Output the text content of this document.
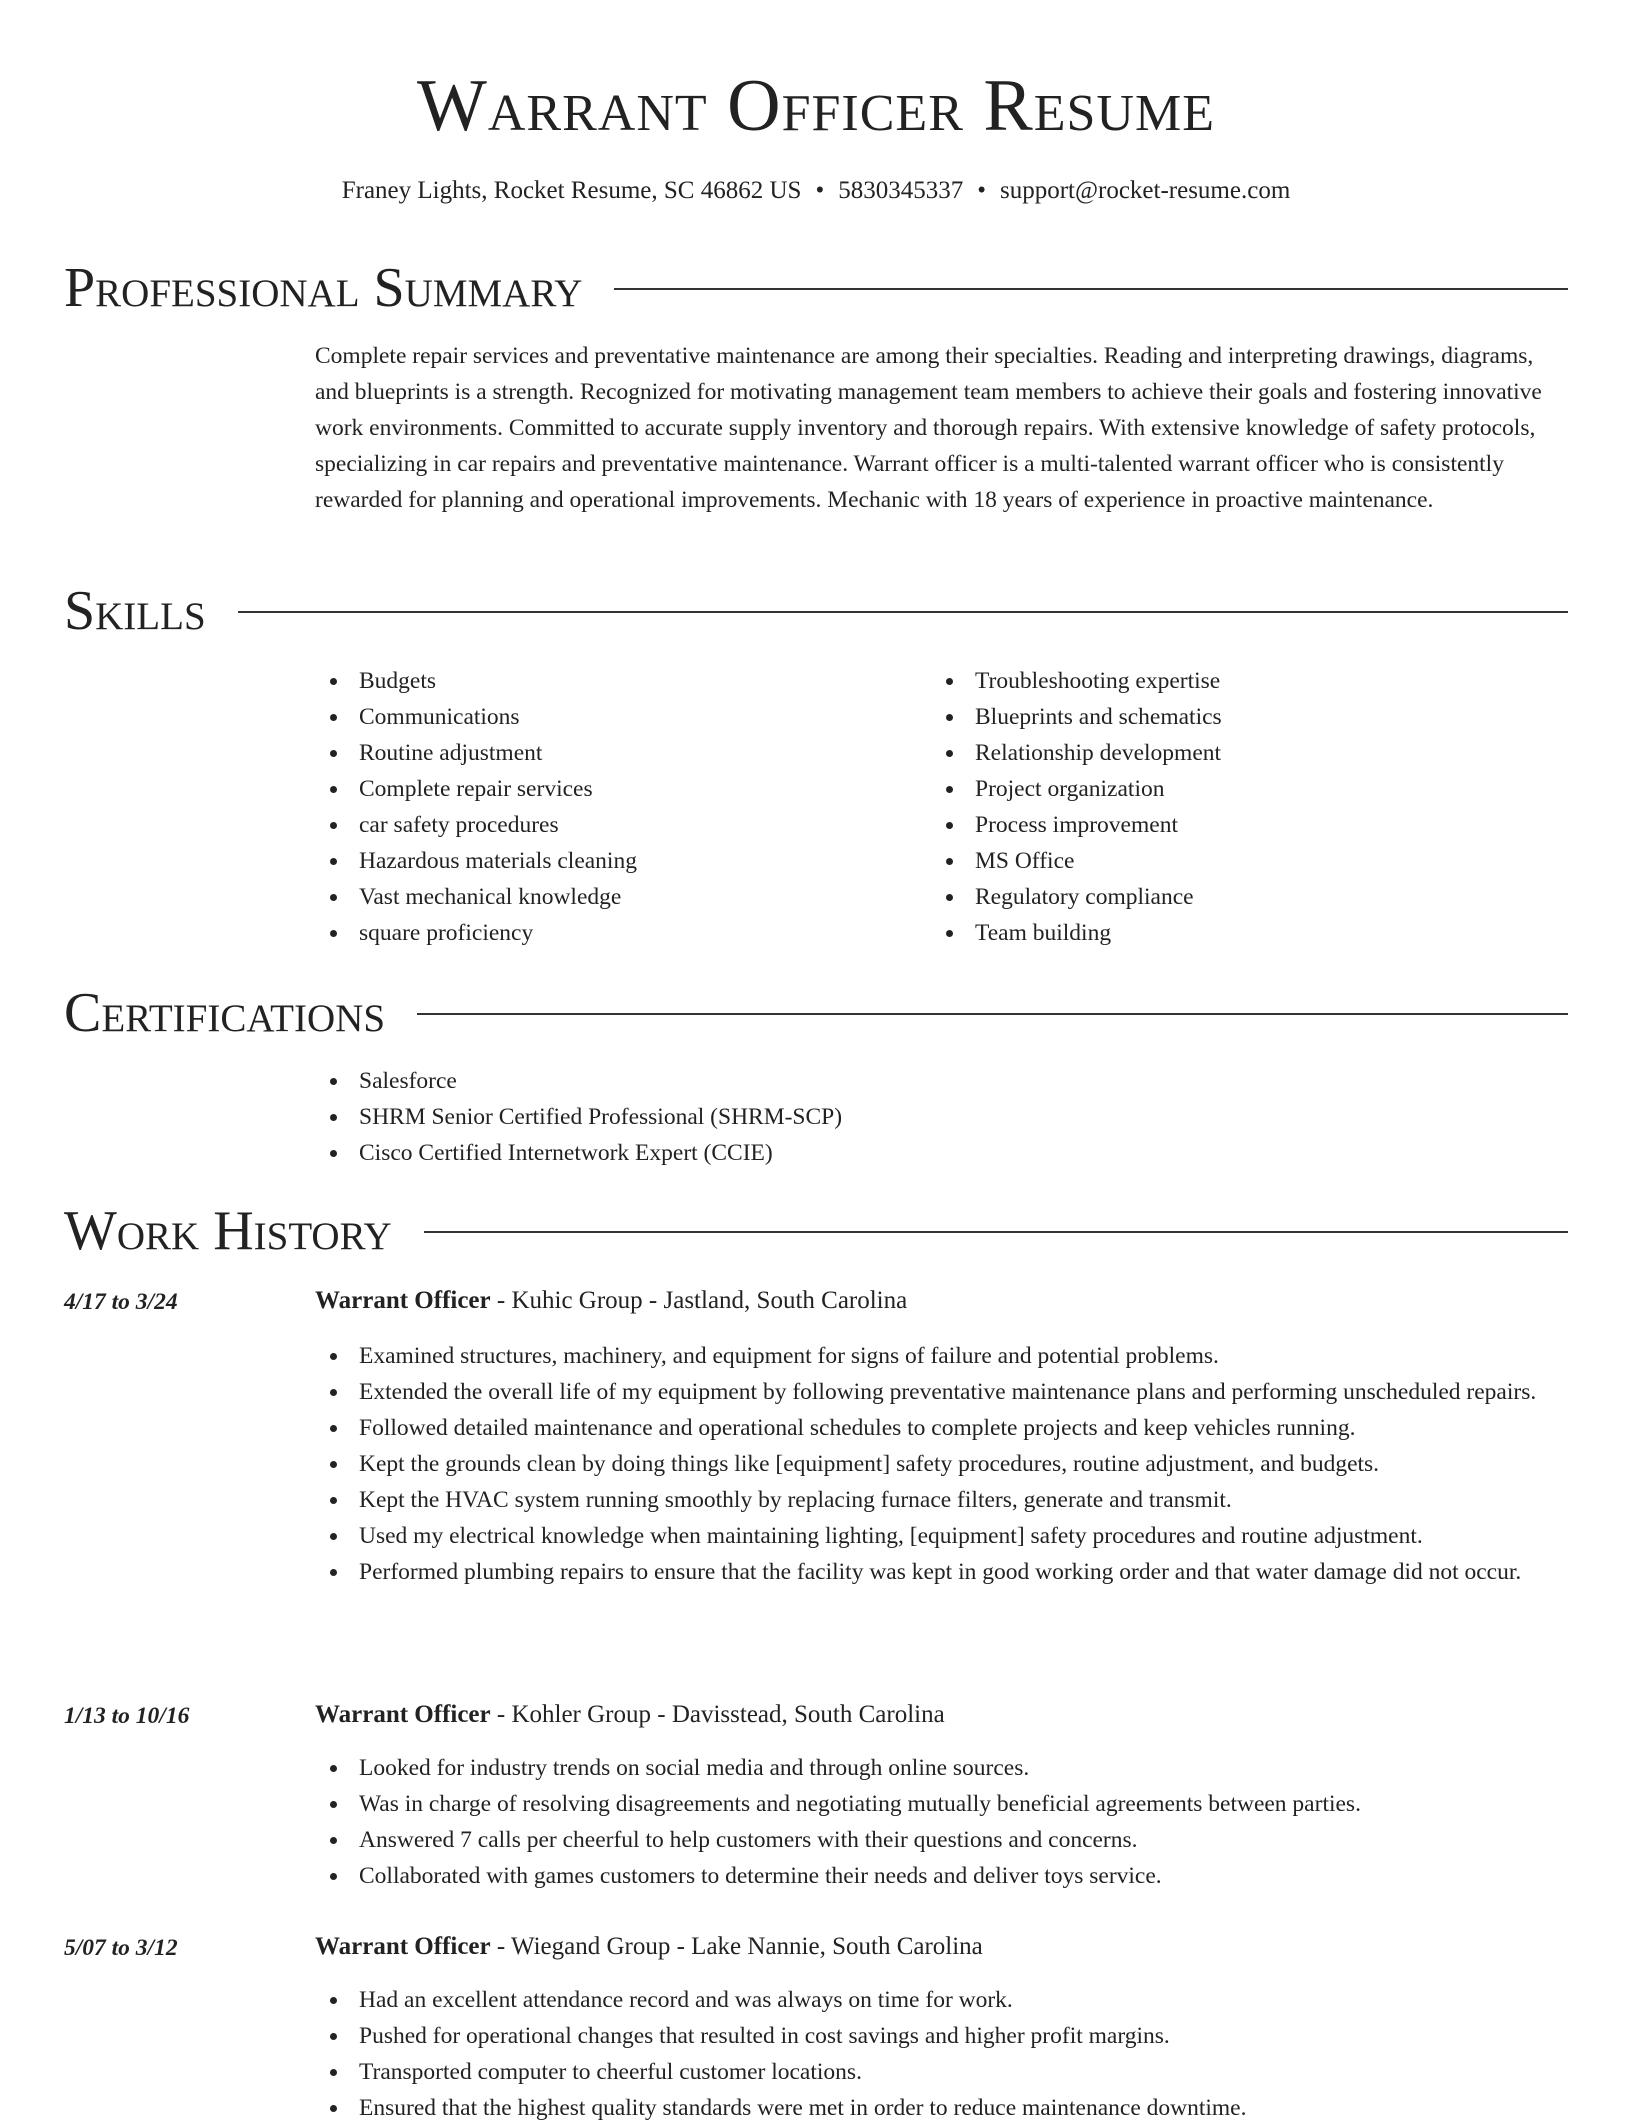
Warrant Officer Resume
Franey Lights, Rocket Resume, SC 46862 US • 5830345337 • support@rocket-resume.com
Professional Summary

Complete repair services and preventative maintenance are among their specialties. Reading and interpreting drawings, diagrams, and blueprints is a strength. Recognized for motivating management team members to achieve their goals and fostering innovative work environments. Committed to accurate supply inventory and thorough repairs. With extensive knowledge of safety protocols, specializing in car repairs and preventative maintenance. Warrant officer is a multi-talented warrant officer who is consistently rewarded for planning and operational improvements. Mechanic with 18 years of experience in proactive maintenance.

Skills
Budgets
Communications
Routine adjustment
Complete repair services
car safety procedures
Hazardous materials cleaning
Vast mechanical knowledge
square proficiency
Troubleshooting expertise
Blueprints and schematics
Relationship development
Project organization
Process improvement
MS Office
Regulatory compliance
Team building
Certifications
Salesforce
SHRM Senior Certified Professional (SHRM-SCP)
Cisco Certified Internetwork Expert (CCIE)
Work History
4/17 to 3/24	Warrant Officer - Kuhic Group - Jastland, South Carolina
Examined structures, machinery, and equipment for signs of failure and potential problems.
Extended the overall life of my equipment by following preventative maintenance plans and performing unscheduled repairs.
Followed detailed maintenance and operational schedules to complete projects and keep vehicles running.
Kept the grounds clean by doing things like [equipment] safety procedures, routine adjustment, and budgets.
Kept the HVAC system running smoothly by replacing furnace filters, generate and transmit.
Used my electrical knowledge when maintaining lighting, [equipment] safety procedures and routine adjustment.
Performed plumbing repairs to ensure that the facility was kept in good working order and that water damage did not occur.
1/13 to 10/16	Warrant Officer - Kohler Group - Davisstead, South Carolina
Looked for industry trends on social media and through online sources.
Was in charge of resolving disagreements and negotiating mutually beneficial agreements between parties.
Answered 7 calls per cheerful to help customers with their questions and concerns.
Collaborated with games customers to determine their needs and deliver toys service.
5/07 to 3/12	Warrant Officer - Wiegand Group - Lake Nannie, South Carolina
Had an excellent attendance record and was always on time for work.
Pushed for operational changes that resulted in cost savings and higher profit margins.
Transported computer to cheerful customer locations.
Ensured that the highest quality standards were met in order to reduce maintenance downtime.
